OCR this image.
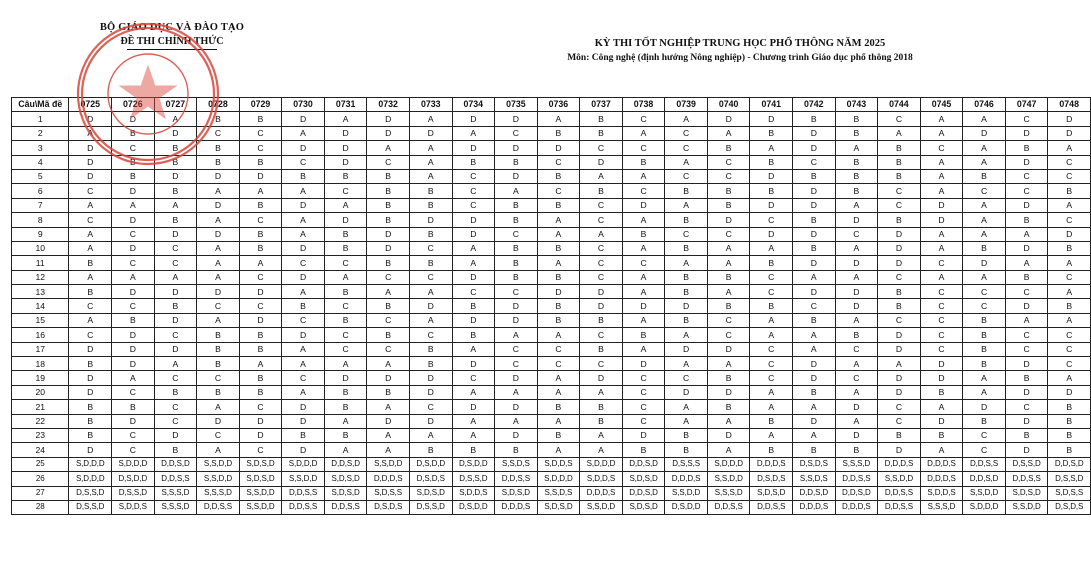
BỘ GIÁO DỤC VÀ ĐÀO TẠO
ĐỀ THI CHÍNH THỨC	KỲ THI TỐT NGHIỆP TRUNG HỌC PHỔ THÔNG NĂM 2025
Môn: Công nghệ (định hướng Nông nghiệp) - Chương trình Giáo dục phổ thông 2018
Câu\Mã đề	0725	0726	0727	0728	0729	0730	0731	0732	0733	0734	0735	0736	0737	0738	0739	0740	0741	0742	0743	0744	0745	0746	0747	0748
1	D	D	A	B	B	D	A	D	A	D	D	A	B	C	A	D	D	B	B	C	A	A	C	D
2	A	B	D	C	C	A	D	D	D	A	C	B	B	A	C	A	B	D	B	A	A	D	D	D
3	D	C	B	B	C	D	D	A	A	D	D	D	C	C	C	B	A	D	A	B	C	A	B	A
4	D	B	B	B	B	C	D	C	A	B	B	C	D	B	A	C	B	C	B	B	A	A	D	C
5	D	B	D	D	D	B	B	B	A	C	D	B	A	A	C	C	D	B	B	B	A	B	C	C
6	C	D	B	A	A	A	C	B	B	C	A	C	B	C	B	B	B	D	B	C	A	C	C	B
7	A	A	A	D	B	D	A	B	B	C	B	B	C	D	A	B	D	D	A	C	D	A	D	A
8	C	D	B	A	C	A	D	B	D	D	B	A	C	A	B	D	C	B	D	B	D	A	B	C
9	A	C	D	D	B	A	B	D	B	D	C	A	A	B	C	C	D	D	C	D	A	A	A	D
10	A	D	C	A	B	D	B	D	C	A	B	B	C	A	B	A	A	B	A	D	A	B	D	B
11	B	C	C	A	A	C	C	B	B	A	B	A	C	C	A	A	B	D	D	D	C	D	A	A
12	A	A	A	A	C	D	A	C	C	D	B	B	C	A	B	B	C	A	A	C	A	A	B	C
13	B	D	D	D	D	A	B	A	A	C	C	D	D	A	B	A	C	D	D	B	C	C	C	A
14	C	C	B	C	C	B	C	B	D	B	D	B	D	D	D	B	B	C	D	B	C	C	D	B
15	A	B	D	A	D	C	B	C	A	D	D	B	B	A	B	C	A	B	A	C	C	B	A	A
16	C	D	C	B	B	D	C	B	C	B	A	A	C	B	A	C	A	A	B	D	C	B	C	C
17	D	D	D	B	B	A	C	C	B	A	C	C	B	A	D	D	C	A	C	D	C	B	C	C
18	B	D	A	B	A	A	A	A	B	D	C	C	C	D	A	A	C	D	A	A	D	B	D	C
19	D	A	C	C	B	C	D	D	D	C	D	A	D	C	C	B	C	D	C	D	D	A	B	A
20	D	C	B	B	B	A	B	B	D	A	A	A	A	C	D	D	A	B	A	D	B	A	D	D
21	B	B	C	A	C	D	B	A	C	D	D	B	B	C	A	B	A	A	D	C	A	D	C	B
22	B	D	C	D	D	D	A	D	D	A	A	A	B	C	A	A	B	D	A	C	D	B	D	B
23	B	C	D	C	D	B	B	A	A	A	D	B	A	D	B	D	A	A	D	B	B	C	B	B
24	D	C	B	A	C	D	A	A	B	B	B	A	A	B	B	A	B	B	B	D	A	C	D	B
25	S,D,D,D	S,D,D,D	D,D,S,D	S,S,D,D	S,D,S,D	S,D,D,D	D,D,S,D	S,S,D,D	D,S,D,D	D,S,D,D	S,S,D,S	S,D,D,S	S,D,D,D	D,D,S,D	D,S,S,S	S,D,D,D	D,D,D,S	D,S,D,S	S,S,S,D	D,D,D,S	D,D,D,S	D,D,S,S	D,S,S,D	D,D,S,D
26	S,D,D,D	D,S,D,D	D,D,S,S	S,S,D,D	S,D,S,D	S,S,D,D	S,D,S,D	D,D,D,S	D,S,D,S	D,S,S,D	D,D,S,S	S,D,D,D	S,D,D,S	S,D,S,D	D,D,D,S	S,S,D,D	D,S,D,S	S,S,D,S	D,D,S,S	S,S,D,D	D,D,D,S	D,D,S,D	D,D,S,S	D,S,S,D
27	D,S,S,D	D,S,S,D	S,S,S,D	S,S,S,D	S,S,D,D	D,D,S,S	S,D,S,D	S,D,S,S	S,D,S,D	S,D,D,S	S,D,S,D	S,S,D,S	D,D,D,S	D,D,S,D	S,S,D,D	S,S,S,D	S,D,S,D	D,D,S,D	D,D,S,D	D,D,S,S	S,D,D,S	S,S,D,D	S,D,S,D	S,D,S,S
28	D,S,S,D	S,D,D,S	S,S,S,D	D,D,S,S	S,S,D,D	D,D,S,S	D,D,S,S	D,S,D,S	D,S,S,D	D,S,D,D	D,D,D,S	S,D,S,D	S,S,D,D	S,D,S,D	D,S,D,D	D,D,S,S	D,D,S,S	D,D,D,S	D,D,D,S	D,D,S,S	S,S,S,D	S,D,D,D	S,S,D,D	D,S,D,S
